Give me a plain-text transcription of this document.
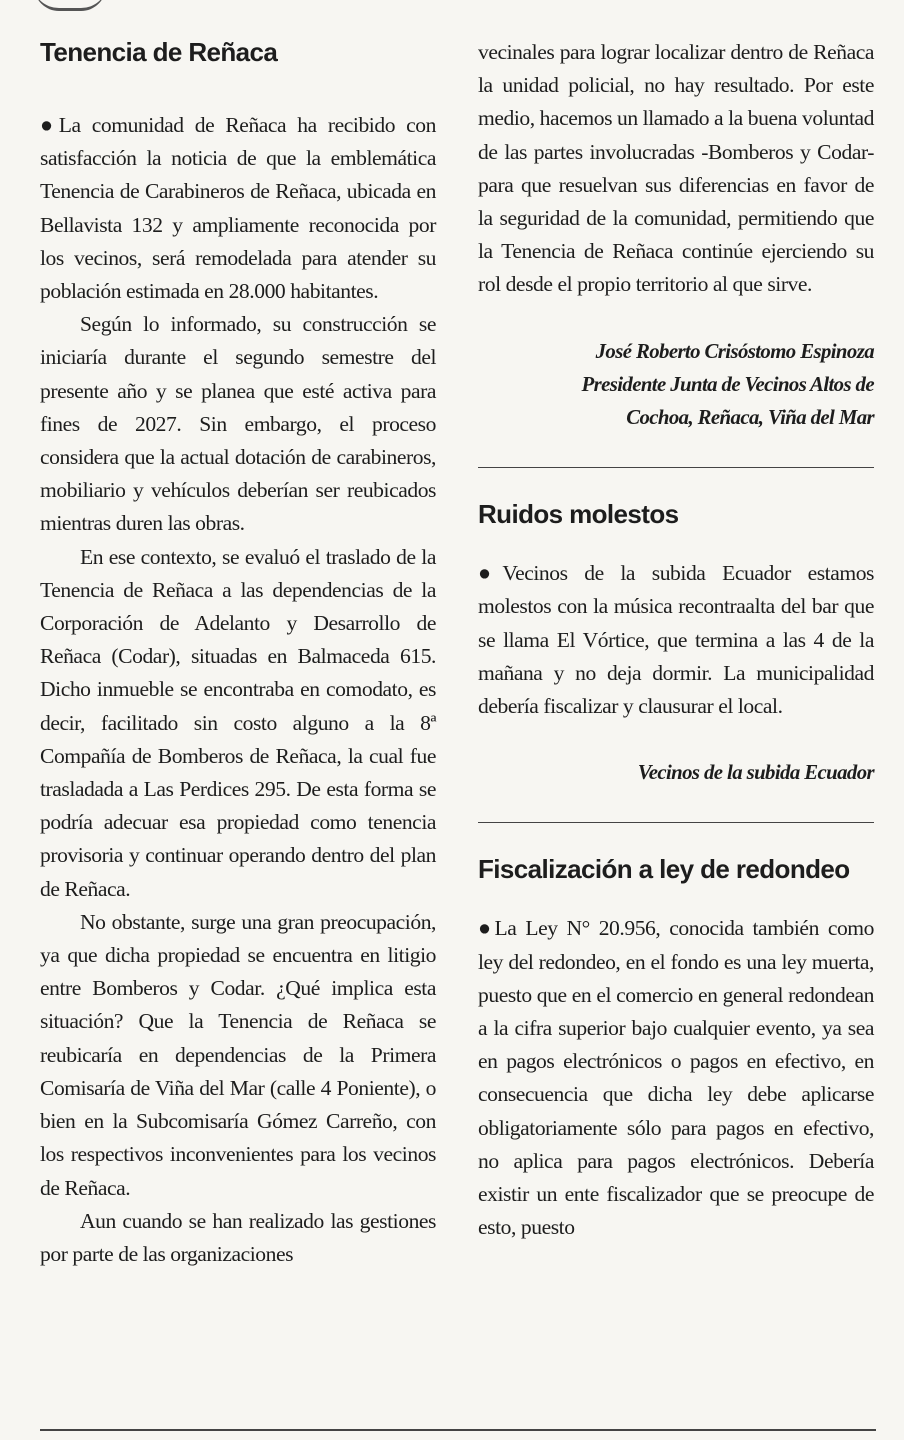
Tenencia de Reñaca

●La comunidad de Reñaca ha recibido con satisfacción la noticia de que la emblemática Tenencia de Carabineros de Reñaca, ubicada en Bellavista 132 y ampliamente reconocida por los vecinos, será remodelada para atender su población estimada en 28.000 habitantes.

Según lo informado, su construcción se iniciaría durante el segundo semestre del presente año y se planea que esté activa para fines de 2027. Sin embargo, el proceso considera que la actual dotación de carabineros, mobiliario y vehículos deberían ser reubicados mientras duren las obras.

En ese contexto, se evaluó el traslado de la Tenencia de Reñaca a las dependencias de la Corporación de Adelanto y Desarrollo de Reñaca (Codar), situadas en Balmaceda 615. Dicho inmueble se encontraba en comodato, es decir, facilitado sin costo alguno a la 8ª Compañía de Bomberos de Reñaca, la cual fue trasladada a Las Perdices 295. De esta forma se podría adecuar esa propiedad como tenencia provisoria y continuar operando dentro del plan de Reñaca.

No obstante, surge una gran preocupación, ya que dicha propiedad se encuentra en litigio entre Bomberos y Codar. ¿Qué implica esta situación? Que la Tenencia de Reñaca se reubicaría en dependencias de la Primera Comisaría de Viña del Mar (calle 4 Poniente), o bien en la Subcomisaría Gómez Carreño, con los respectivos inconvenientes para los vecinos de Reñaca.

Aun cuando se han realizado las gestiones por parte de las organizaciones

vecinales para lograr localizar dentro de Reñaca la unidad policial, no hay resultado. Por este medio, hacemos un llamado a la buena voluntad de las partes involucradas -Bomberos y Codar- para que resuelvan sus diferencias en favor de la seguridad de la comunidad, permitiendo que la Tenencia de Reñaca continúe ejerciendo su rol desde el propio territorio al que sirve.

José Roberto Crisóstomo Espinoza
Presidente Junta de Vecinos Altos de
Cochoa, Reñaca, Viña del Mar
Ruidos molestos

●Vecinos de la subida Ecuador estamos molestos con la música recontraalta del bar que se llama El Vórtice, que termina a las 4 de la mañana y no deja dormir. La municipalidad debería fiscalizar y clausurar el local.

Vecinos de la subida Ecuador
Fiscalización a ley de redondeo

●La Ley N° 20.956, conocida también como ley del redondeo, en el fondo es una ley muerta, puesto que en el comercio en general redondean a la cifra superior bajo cualquier evento, ya sea en pagos electrónicos o pagos en efectivo, en consecuencia que dicha ley debe aplicarse obligatoriamente sólo para pagos en efectivo, no aplica para pagos electrónicos. Debería existir un ente fiscalizador que se preocupe de esto, puesto
